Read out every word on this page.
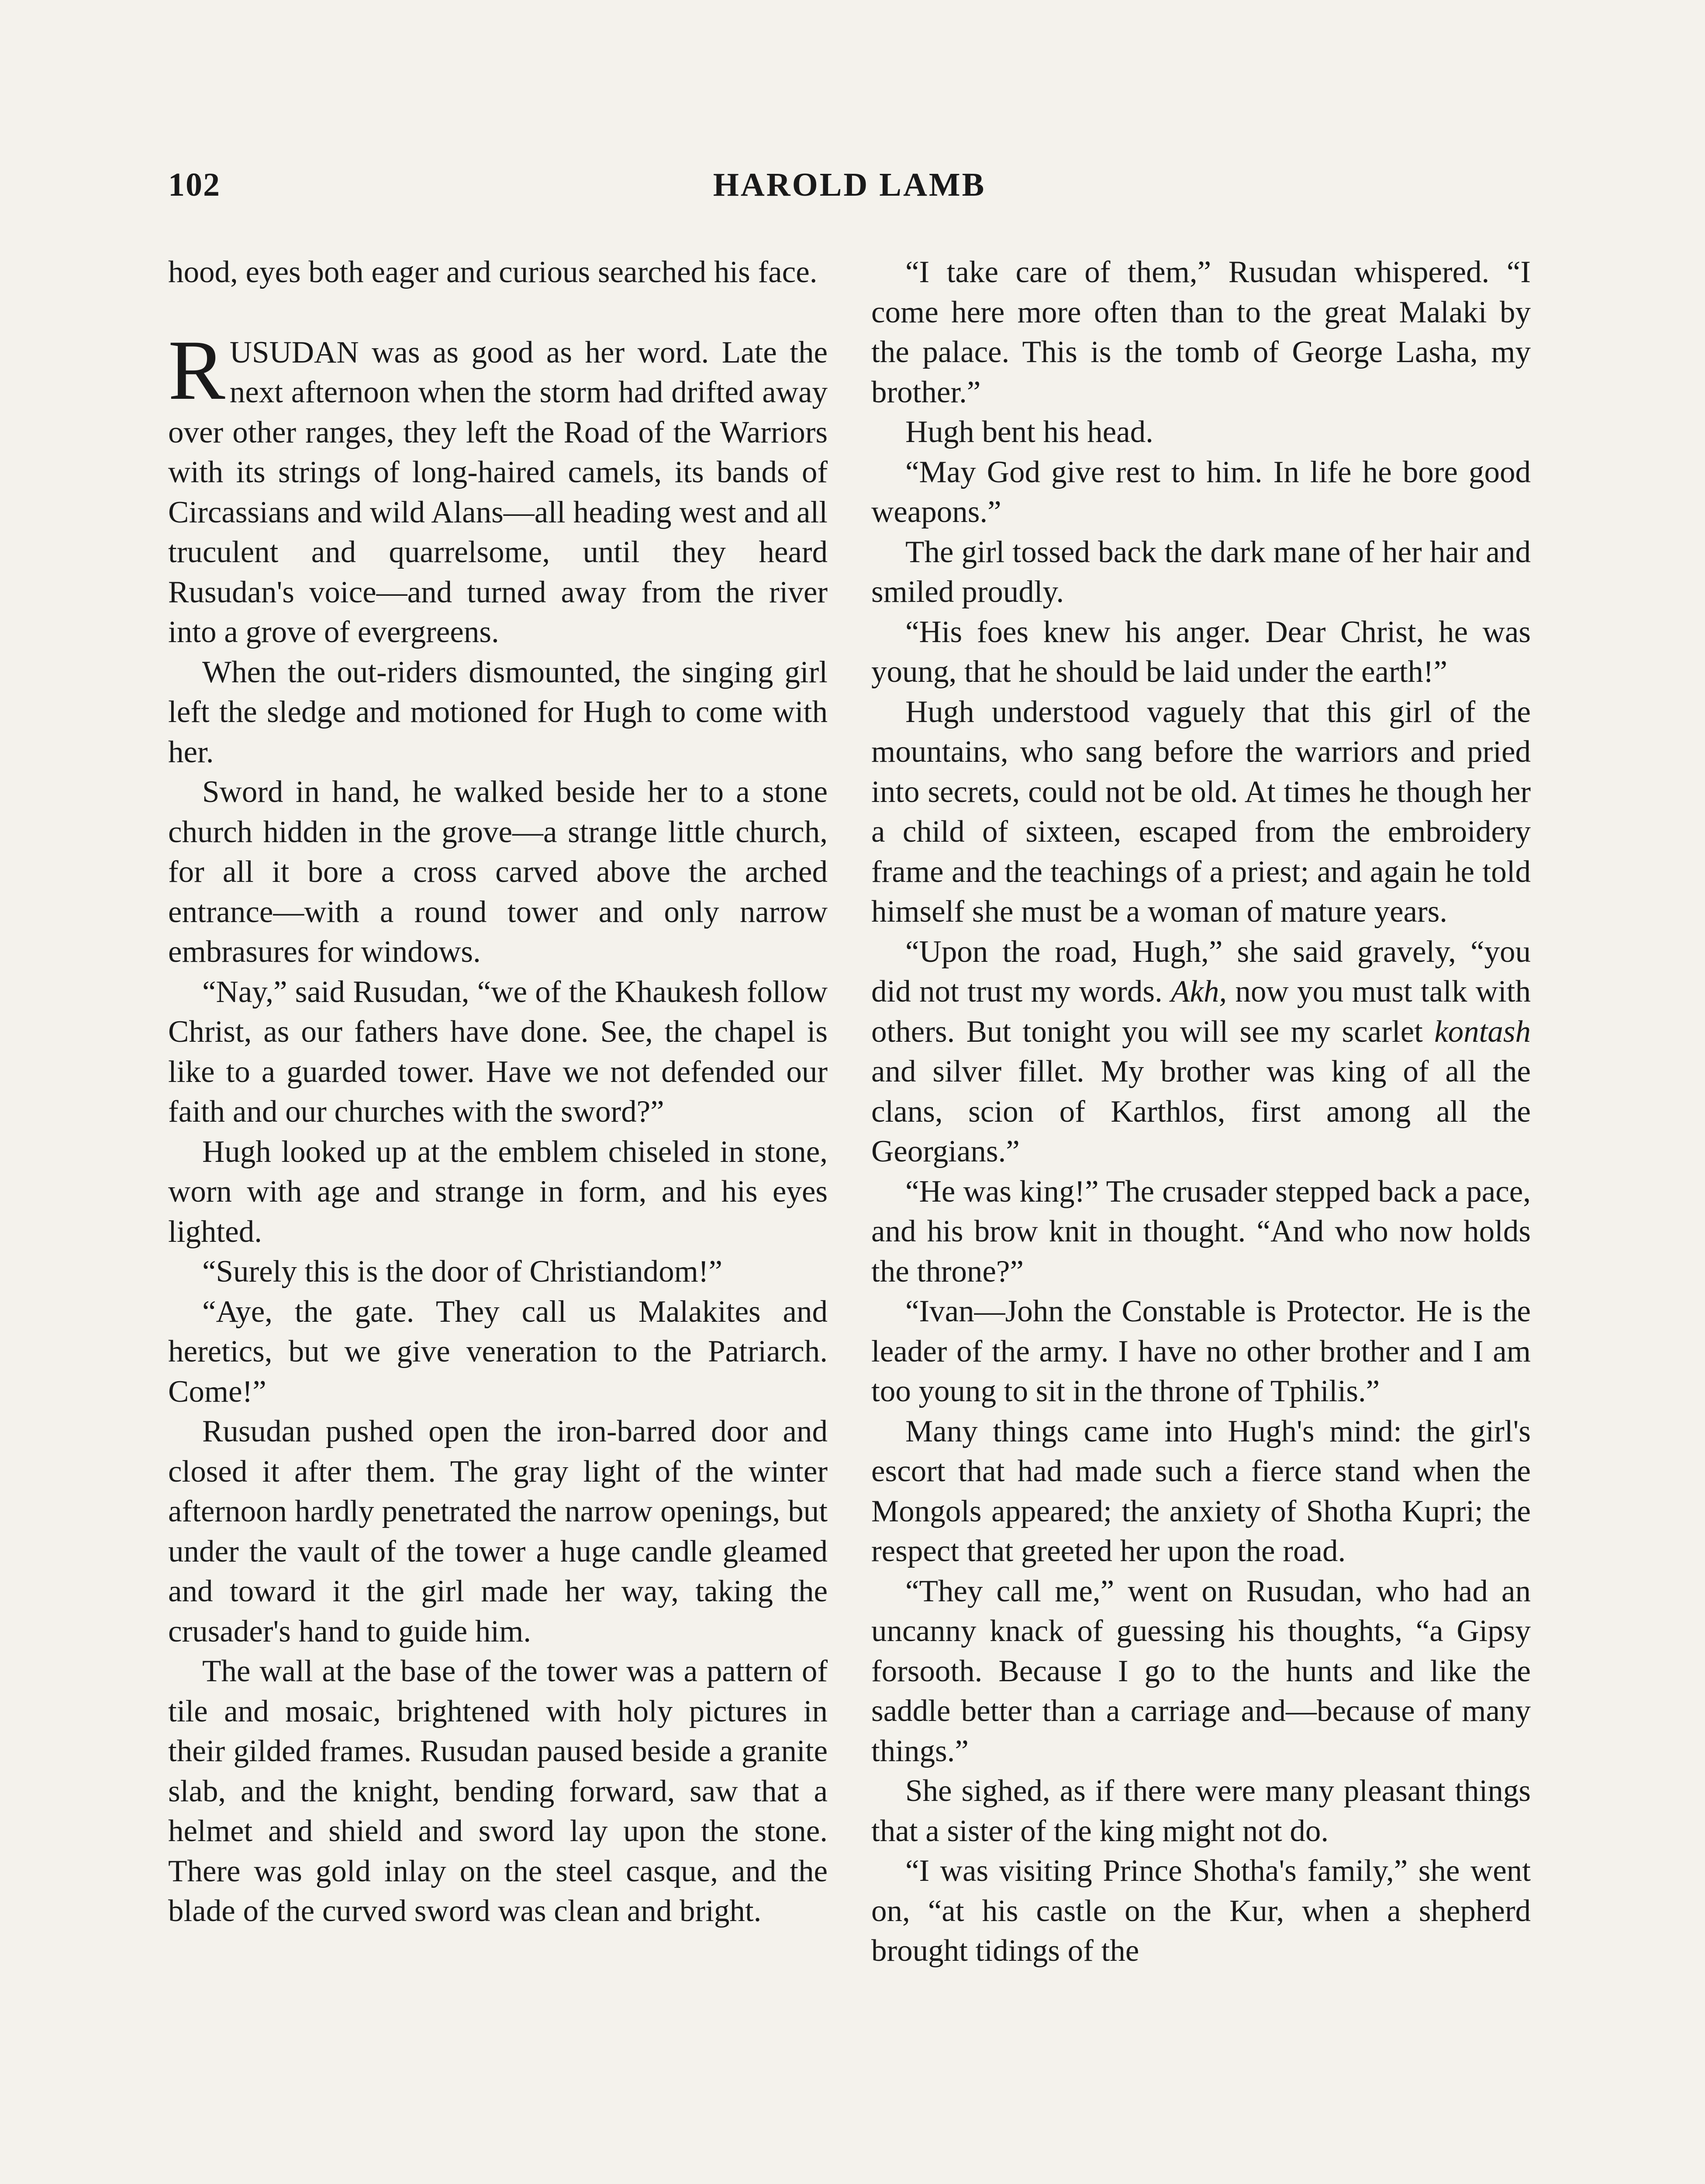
102	HAROLD LAMB

hood, eyes both eager and curious searched his face.

RUSUDAN was as good as her word. Late the next afternoon when the storm had drifted away over other ranges, they left the Road of the Warriors with its strings of long-haired camels, its bands of Circassians and wild Alans—all heading west and all truculent and quarrelsome, until they heard Rusudan's voice—and turned away from the river into a grove of evergreens.

When the out-riders dismounted, the singing girl left the sledge and motioned for Hugh to come with her.

Sword in hand, he walked beside her to a stone church hidden in the grove—a strange little church, for all it bore a cross carved above the arched entrance—with a round tower and only narrow embrasures for windows.

“Nay,” said Rusudan, “we of the Khaukesh follow Christ, as our fathers have done. See, the chapel is like to a guarded tower. Have we not defended our faith and our churches with the sword?”

Hugh looked up at the emblem chiseled in stone, worn with age and strange in form, and his eyes lighted.

“Surely this is the door of Christiandom!”

“Aye, the gate. They call us Malakites and heretics, but we give veneration to the Patriarch. Come!”

Rusudan pushed open the iron-barred door and closed it after them. The gray light of the winter afternoon hardly penetrated the narrow openings, but under the vault of the tower a huge candle gleamed and toward it the girl made her way, taking the crusader's hand to guide him.

The wall at the base of the tower was a pattern of tile and mosaic, brightened with holy pictures in their gilded frames. Rusudan paused beside a granite slab, and the knight, bending forward, saw that a helmet and shield and sword lay upon the stone. There was gold inlay on the steel casque, and the blade of the curved sword was clean and bright.

“I take care of them,” Rusudan whispered. “I come here more often than to the great Malaki by the palace. This is the tomb of George Lasha, my brother.”

Hugh bent his head.

“May God give rest to him. In life he bore good weapons.”

The girl tossed back the dark mane of her hair and smiled proudly.

“His foes knew his anger. Dear Christ, he was young, that he should be laid under the earth!”

Hugh understood vaguely that this girl of the mountains, who sang before the warriors and pried into secrets, could not be old. At times he though her a child of sixteen, escaped from the embroidery frame and the teachings of a priest; and again he told himself she must be a woman of mature years.

“Upon the road, Hugh,” she said gravely, “you did not trust my words. Akh, now you must talk with others. But tonight you will see my scarlet kontash and silver fillet. My brother was king of all the clans, scion of Karthlos, first among all the Georgians.”

“He was king!” The crusader stepped back a pace, and his brow knit in thought. “And who now holds the throne?”

“Ivan—John the Constable is Protector. He is the leader of the army. I have no other brother and I am too young to sit in the throne of Tphilis.”

Many things came into Hugh's mind: the girl's escort that had made such a fierce stand when the Mongols appeared; the anxiety of Shotha Kupri; the respect that greeted her upon the road.

“They call me,” went on Rusudan, who had an uncanny knack of guessing his thoughts, “a Gipsy forsooth. Because I go to the hunts and like the saddle better than a carriage and—because of many things.”

She sighed, as if there were many pleasant things that a sister of the king might not do.

“I was visiting Prince Shotha's family,” she went on, “at his castle on the Kur, when a shepherd brought tidings of the
